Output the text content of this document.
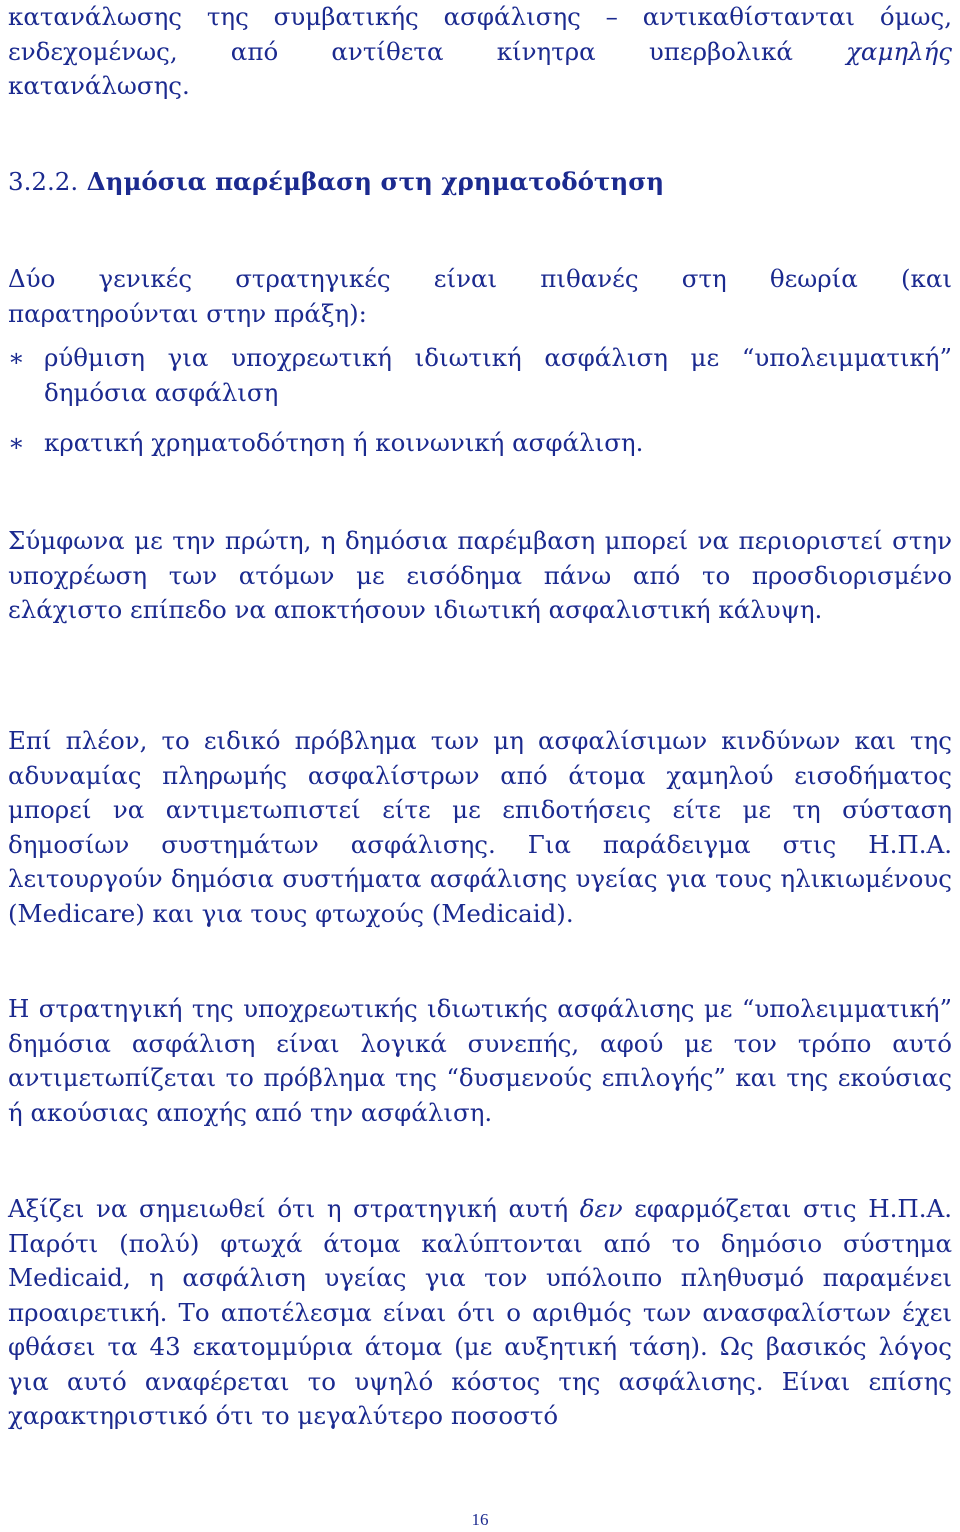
κατανάλωσης της συμβατικής ασφάλισης – αντικαθίστανται όμως,
ενδεχομένως, από αντίθετα κίνητρα υπερβολικά χαμηλής
κατανάλωσης.
3.2.2. Δημόσια παρέμβαση στη χρηματοδότηση
Δύο γενικές στρατηγικές είναι πιθανές στη θεωρία (και
παρατηρούνται στην πράξη):
∗ ρύθμιση για υποχρεωτική ιδιωτική ασφάλιση με “υπολειμματική”
δημόσια ασφάλιση
∗ κρατική χρηματοδότηση ή κοινωνική ασφάλιση.
Σύμφωνα με την πρώτη, η δημόσια παρέμβαση μπορεί να περιοριστεί στην υποχρέωση των ατόμων με εισόδημα πάνω από το προσδιορισμένο ελάχιστο επίπεδο να αποκτήσουν ιδιωτική ασφαλιστική κάλυψη.
Επί πλέον, το ειδικό πρόβλημα των μη ασφαλίσιμων κινδύνων και της αδυναμίας πληρωμής ασφαλίστρων από άτομα χαμηλού εισοδήματος μπορεί να αντιμετωπιστεί είτε με επιδοτήσεις είτε με τη σύσταση δημοσίων συστημάτων ασφάλισης. Για παράδειγμα στις Η.Π.Α. λειτουργούν δημόσια συστήματα ασφάλισης υγείας για τους ηλικιωμένους (Medicare) και για τους φτωχούς (Medicaid).
Η στρατηγική της υποχρεωτικής ιδιωτικής ασφάλισης με “υπολειμματική” δημόσια ασφάλιση είναι λογικά συνεπής, αφού με τον τρόπο αυτό αντιμετωπίζεται το πρόβλημα της “δυσμενούς επιλογής” και της εκούσιας ή ακούσιας αποχής από την ασφάλιση.
Αξίζει να σημειωθεί ότι η στρατηγική αυτή δεν εφαρμόζεται στις Η.Π.Α. Παρότι (πολύ) φτωχά άτομα καλύπτονται από το δημόσιο σύστημα Medicaid, η ασφάλιση υγείας για τον υπόλοιπο πληθυσμό παραμένει προαιρετική. Το αποτέλεσμα είναι ότι ο αριθμός των ανασφαλίστων έχει φθάσει τα 43 εκατομμύρια άτομα (με αυξητική τάση). Ως βασικός λόγος για αυτό αναφέρεται το υψηλό κόστος της ασφάλισης. Είναι επίσης χαρακτηριστικό ότι το μεγαλύτερο ποσοστό
16
